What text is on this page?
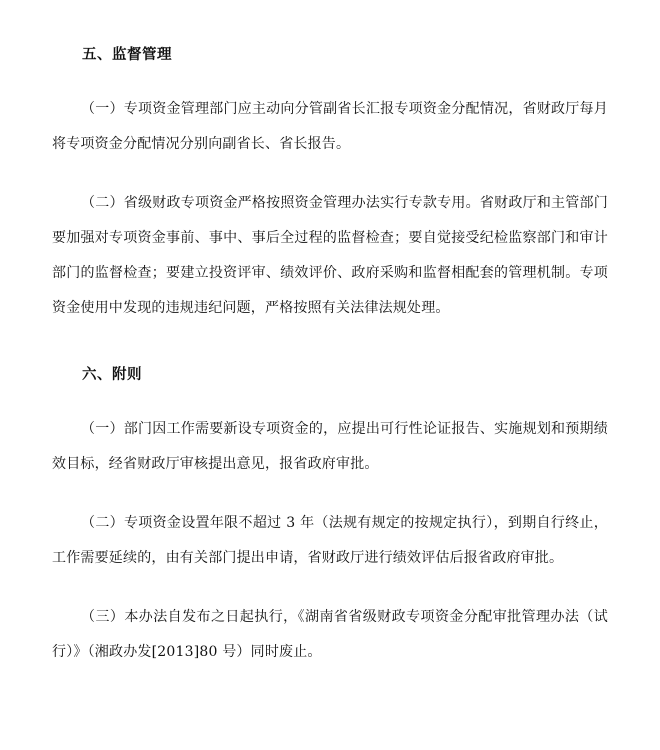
五、监督管理

（一）专项资金管理部门应主动向分管副省长汇报专项资金分配情况，省财政厅每月将专项资金分配情况分别向副省长、省长报告。

（二）省级财政专项资金严格按照资金管理办法实行专款专用。省财政厅和主管部门要加强对专项资金事前、事中、事后全过程的监督检查；要自觉接受纪检监察部门和审计部门的监督检查；要建立投资评审、绩效评价、政府采购和监督相配套的管理机制。专项资金使用中发现的违规违纪问题，严格按照有关法律法规处理。

六、附则

（一）部门因工作需要新设专项资金的，应提出可行性论证报告、实施规划和预期绩效目标，经省财政厅审核提出意见，报省政府审批。

（二）专项资金设置年限不超过 3 年（法规有规定的按规定执行），到期自行终止，工作需要延续的，由有关部门提出申请，省财政厅进行绩效评估后报省政府审批。

（三）本办法自发布之日起执行，《湖南省省级财政专项资金分配审批管理办法（试行）》（湘政办发[2013]80 号）同时废止。
